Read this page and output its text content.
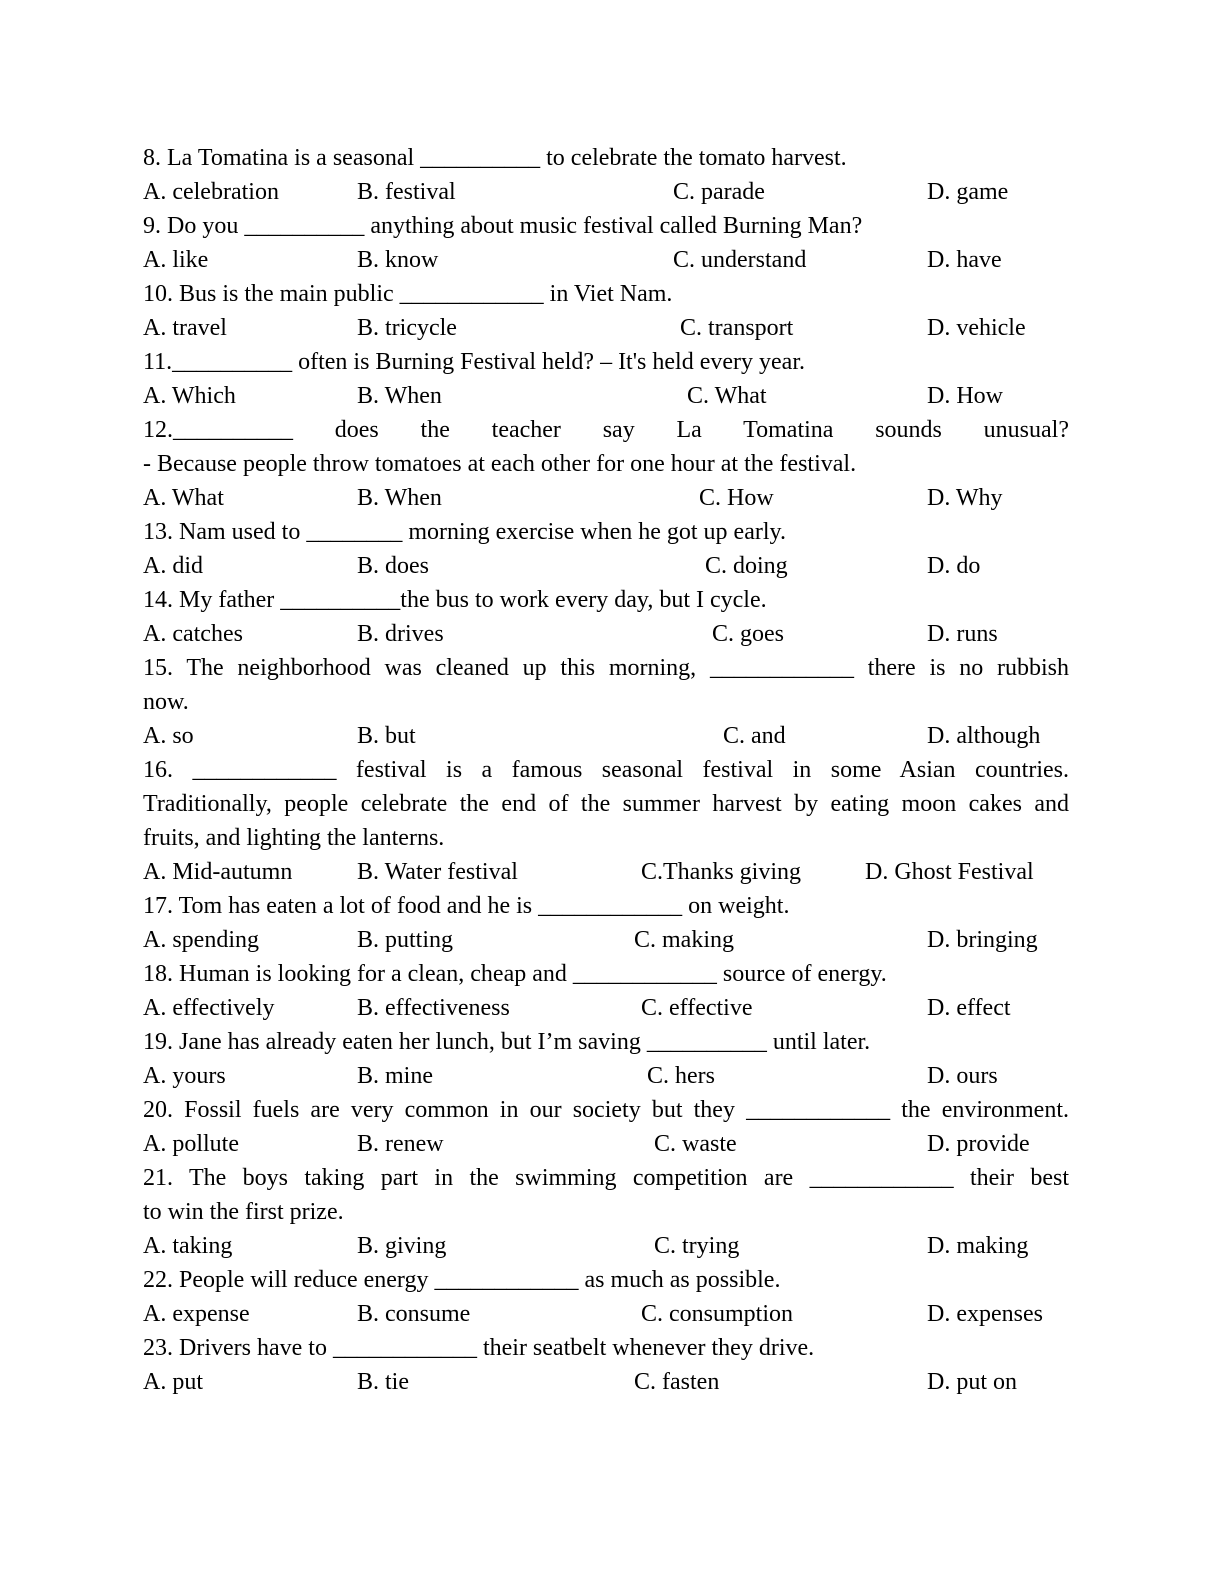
8. La Tomatina is a seasonal __________ to celebrate the tomato harvest.
A. celebration	B. festival	C. parade	D. game
9. Do you __________ anything about music festival called Burning Man?
A. like	B. know	C. understand	D. have
10. Bus is the main public ____________ in Viet Nam.
A. travel	B. tricycle	C. transport	D. vehicle
11.__________ often is Burning Festival held? – It's held every year.
A. Which	B. When	C. What	D. How
12.__________ does the teacher say La Tomatina sounds unusual?
- Because people throw tomatoes at each other for one hour at the festival.
A. What	B. When	C. How	D. Why
13. Nam used to ________ morning exercise when he got up early.
A. did	B. does	C. doing	D. do
14. My father __________the bus to work every day, but I cycle.
A. catches	B. drives	C. goes	D. runs
15. The neighborhood was cleaned up this morning, ____________ there is no rubbish
now.
A. so	B. but	C. and	D. although
16. ____________ festival is a famous seasonal festival in some Asian countries.
Traditionally, people celebrate the end of the summer harvest by eating moon cakes and
fruits, and lighting the lanterns.
A. Mid-autumn	B. Water festival	C.Thanks giving	D. Ghost Festival
17. Tom has eaten a lot of food and he is ____________ on weight.
A. spending	B. putting	C. making	D. bringing
18. Human is looking for a clean, cheap and ____________ source of energy.
A. effectively	B. effectiveness	C. effective	D. effect
19. Jane has already eaten her lunch, but I’m saving __________ until later.
A. yours	B. mine	C. hers	D. ours
20. Fossil fuels are very common in our society but they ____________ the environment.
A. pollute	B. renew	C. waste	D. provide
21. The boys taking part in the swimming competition are ____________ their best
to win the first prize.
A. taking	B. giving	C. trying	D. making
22. People will reduce energy ____________ as much as possible.
A. expense	B. consume	C. consumption	D. expenses
23. Drivers have to ____________ their seatbelt whenever they drive.
A. put	B. tie	C. fasten	D. put on
